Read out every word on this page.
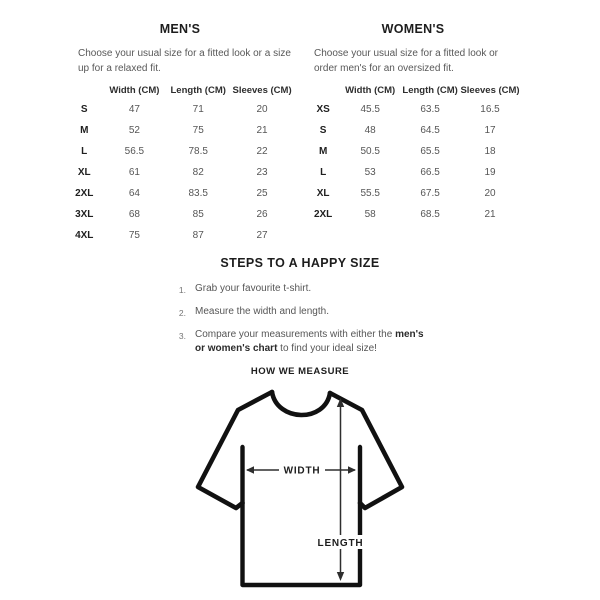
MEN'S

Choose your usual size for a fitted look or a size up for a relaxed fit.

	Width (CM)	Length (CM)	Sleeves (CM)
S	47	71	20
M	52	75	21
L	56.5	78.5	22
XL	61	82	23
2XL	64	83.5	25
3XL	68	85	26
4XL	75	87	27
WOMEN'S

Choose your usual size for a fitted look or order men's for an oversized fit.

	Width (CM)	Length (CM)	Sleeves (CM)
XS	45.5	63.5	16.5
S	48	64.5	17
M	50.5	65.5	18
L	53	66.5	19
XL	55.5	67.5	20
2XL	58	68.5	21
STEPS TO A HAPPY SIZE
1. Grab your favourite t-shirt.
2. Measure the width and length.
3. Compare your measurements with either the men's or women's chart to find your ideal size!
HOW WE MEASURE
WIDTH
LENGTH
